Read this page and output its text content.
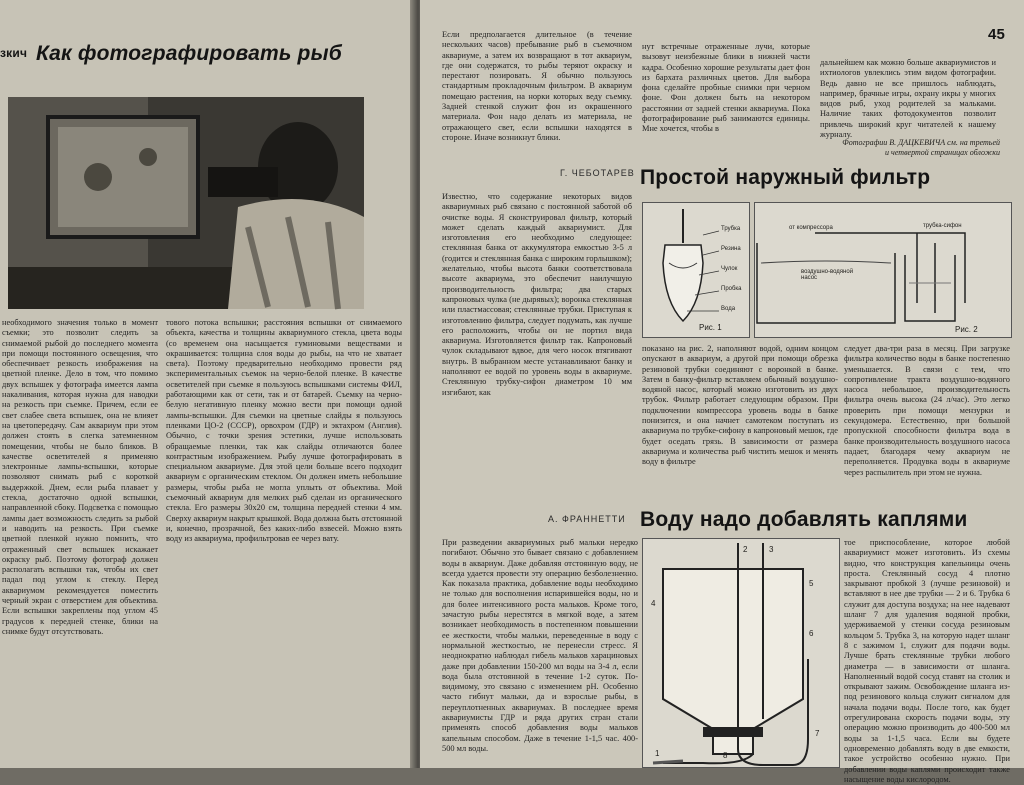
зкич Как фотографировать рыб
необходимого значения только в момент съемки; это позволит следить за снимаемой рыбой до последнего момента при помощи постоянного освещения, что обеспечивает резкость изображения на цветной пленке. Дело в том, что помимо двух вспышек у фотографа имеется лампа накаливания, которая нужна для наводки на резкость при съемке. Причем, если ее свет слабее света вспышек, она не влияет на цветопередачу. Сам аквариум при этом должен стоять в слегка затемненном помещении, чтобы не было бликов. В качестве осветителей я применяю электронные лампы-вспышки, которые позволяют снимать рыб с короткой выдержкой. Днем, если рыба плавает у стекла, достаточно одной вспышки, направленной сбоку. Подсветка с помощью лампы дает возможность следить за рыбой и наводить на резкость. При съемке цветной пленкой нужно помнить, что отраженный свет вспышек искажает окраску рыб. Поэтому фотограф должен располагать вспышки так, чтобы их свет падал под углом к стеклу. Перед аквариумом рекомендуется поместить черный экран с отверстием для объектива. Если вспышки закреплены под углом 45 градусов к передней стенке, блики на снимке будут отсутствовать.
тового потока вспышки; расстояния вспышки от снимаемого объекта, качества и толщины аквариумного стекла, цвета воды (со временем она насыщается гуминовыми веществами и окрашивается: толщина слоя воды до рыбы, на что не хватает света). Поэтому предварительно необходимо провести ряд экспериментальных съемок на черно-белой пленке. В качестве осветителей при съемке я пользуюсь вспышками системы ФИЛ, работающими как от сети, так и от батарей. Съемку на черно-белую негативную пленку можно вести при помощи одной лампы-вспышки. Для съемки на цветные слайды я пользуюсь пленками ЦО-2 (СССР), орвохром (ГДР) и эктахром (Англия). Обычно, с точки зрения эстетики, лучше использовать обращаемые пленки, так как слайды отличаются более контрастным изображением. Рыбу лучше фотографировать в специальном аквариуме. Для этой цели больше всего подходит аквариум с органическим стеклом. Он должен иметь небольшие размеры, чтобы рыба не могла уплыть от объектива. Мой съемочный аквариум для мелких рыб сделан из органического стекла. Его размеры 30х20 см, толщина передней стенки 4 мм. Сверху аквариум накрыт крышкой. Вода должна быть отстоянной и, конечно, прозрачной, без каких-либо взвесей. Можно взять воду из аквариума, профильтровав ее через вату.
45
Если предполагается длительное (в течение нескольких часов) пребывание рыб в съемочном аквариуме, а затем их возвращают в тот аквариум, где они содержатся, то рыбы теряют окраску и перестают позировать. Я обычно пользуюсь стандартным прокладочным фильтром. В аквариум помещаю растения, на норки которых веду съемку. Задней стенкой служит фон из окрашенного материала. Фон надо делать из материала, не отражающего свет, если вспышки находятся в стороне. Иначе возникнут блики.
нут встречные отраженные лучи, которые вызовут неизбежные блики в нижней части кадра. Особенно хорошие результаты дает фон из бархата различных цветов. Для выбора фона сделайте пробные снимки при черном фоне. Фон должен быть на некотором расстоянии от задней стенки аквариума. Пока фотографирование рыб занимаются единицы. Мне хочется, чтобы в
дальнейшем как можно больше аквариумистов и ихтиологов увлеклись этим видом фотографии. Ведь давно не все пришлось наблюдать, например, брачные игры, охрану икры у многих видов рыб, уход родителей за мальками. Наличие таких фотодокументов позволит привлечь широкий круг читателей к нашему журналу.
Фотографии В. ДАЦКЕВИЧА см. на третьей и четвертой страницах обложки
Г. ЧЕБОТАРЕВ Простой наружный фильтр
Известно, что содержание некоторых видов аквариумных рыб связано с постоянной заботой об очистке воды. Я сконструировал фильтр, который может сделать каждый аквариумист. Для изготовления его необходимо следующее: стеклянная банка от аккумулятора емкостью 3-5 л (годится и стеклянная банка с широким горлышком); желательно, чтобы высота банки соответствовала высоте аквариума, это обеспечит наилучшую производительность фильтра; два старых капроновых чулка (не дырявых); воронка стеклянная или пластмассовая; стеклянные трубки. Приступая к изготовлению фильтра, следует подумать, как лучше его расположить, чтобы он не портил вида аквариума. Изготовляется фильтр так. Капроновый чулок складывают вдвое, для чего носок втягивают внутрь. В выбранном месте устанавливают банку и наполняют ее водой по уровень воды в аквариуме. Стеклянную трубку-сифон диаметром 10 мм изгибают, как
Трубка
Резина
Чулок
Пробка
Вода
Рис. 1
от компрессора	трубка-сифон
воздушно-водяной насос
Рис. 2
показано на рис. 2, наполняют водой, одним концом опускают в аквариум, а другой при помощи обрезка резиновой трубки соединяют с воронкой в банке. Затем в банку-фильтр вставляем обычный воздушно-водяной насос, который можно изготовить из двух трубок. Фильтр работает следующим образом. При подключении компрессора уровень воды в банке понизится, и она начнет самотеком поступать из аквариума по трубке-сифону в капроновый мешок, где будет оседать грязь. В зависимости от размера аквариума и количества рыб чистить мешок и менять воду в фильтре
следует два-три раза в месяц. При загрузке фильтра количество воды в банке постепенно уменьшается. В связи с тем, что сопротивление тракта воздушно-водяного насоса небольшое, производительность фильтра очень высока (24 л/час). Это легко проверить при помощи мензурки и секундомера. Естественно, при большой пропускной способности фильтра вода в банке производительность воздушного насоса падает, благодаря чему аквариум не переполняется. Продувка воды в аквариуме через распылитель при этом не нужна.
А. ФРАННЕТТИ Воду надо добавлять каплями
При разведении аквариумных рыб мальки нередко погибают. Обычно это бывает связано с добавлением воды в аквариум. Даже добавляя отстоянную воду, не всегда удается провести эту операцию безболезненно. Как показала практика, добавление воды необходимо не только для восполнения испарившейся воды, но и для более интенсивного роста мальков. Кроме того, зачастую рыбы нерестятся в мягкой воде, а затем возникает необходимость в постепенном повышении ее жесткости, чтобы мальки, переведенные в воду с нормальной жесткостью, не перенесли стресс. Я неоднократно наблюдал гибель мальков харациновых даже при добавлении 150-200 мл воды на 3-4 л, если вода была отстоянной в течение 1-2 суток. По-видимому, это связано с изменением pH. Особенно часто гибнут мальки, да и взрослые рыбы, в переуплотненных аквариумах. В последнее время аквариумисты ГДР и ряда других стран стали применять способ добавления воды мальков капельным способом. Даже в течение 1-1,5 час. 400-500 мл воды.
1
2	3
4
5
6
7
8
тое приспособление, которое любой аквариумист может изготовить. Из схемы видно, что конструкция капельницы очень проста. Стеклянный сосуд 4 плотно закрывают пробкой 3 (лучше резиновой) и вставляют в нее две трубки — 2 и 6. Трубка 6 служит для доступа воздуха; на нее надевают шланг 7 для удаления водяной пробки, удерживаемой у стенки сосуда резиновым кольцом 5. Трубка 3, на которую надет шланг 8 с зажимом 1, служит для подачи воды. Лучше брать стеклянные трубки любого диаметра — в зависимости от шланга. Наполненный водой сосуд ставят на столик и открывают зажим. Освобождение шланга из-под резинового кольца служит сигналом для начала подачи воды. После того, как будет отрегулирована скорость подачи воды, эту операцию можно производить до 400-500 мл воды за 1-1,5 часа. Если вы будете одновременно добавлять воду в две емкости, такое устройство особенно нужно. При добавлении воды каплями происходит также насыщение воды кислородом.
